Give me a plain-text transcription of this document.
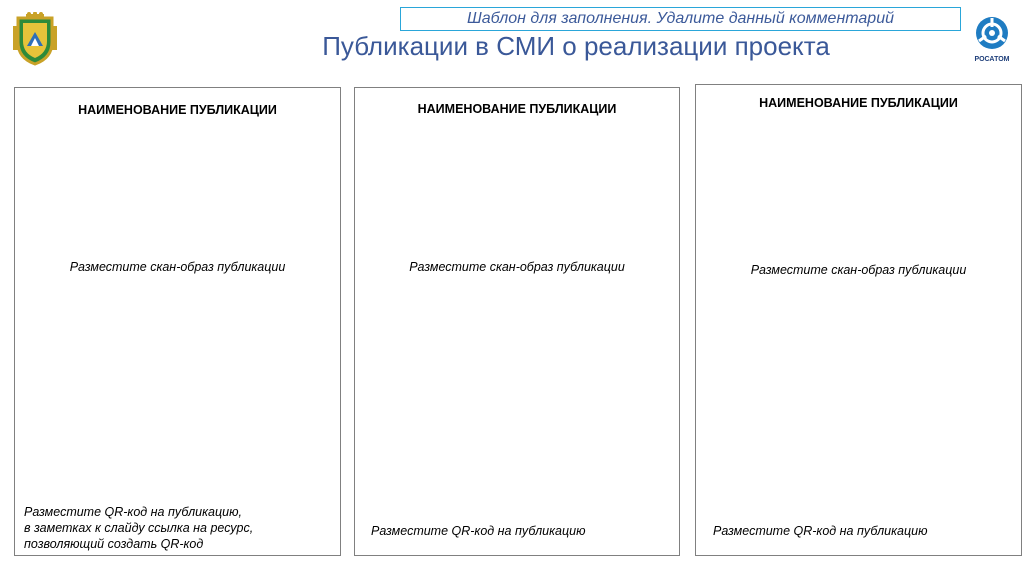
Шаблон для заполнения. Удалите данный комментарий
Публикации в СМИ о реализации проекта	РОСАТОМ
НАИМЕНОВАНИЕ ПУБЛИКАЦИИ
Разместите скан-образ публикации
Разместите QR-код на публикацию,
в заметках к слайду ссылка на ресурс,
позволяющий создать QR-код
НАИМЕНОВАНИЕ ПУБЛИКАЦИИ
Разместите скан-образ публикации
Разместите QR-код на публикацию
НАИМЕНОВАНИЕ ПУБЛИКАЦИИ
Разместите скан-образ публикации
Разместите QR-код на публикацию
